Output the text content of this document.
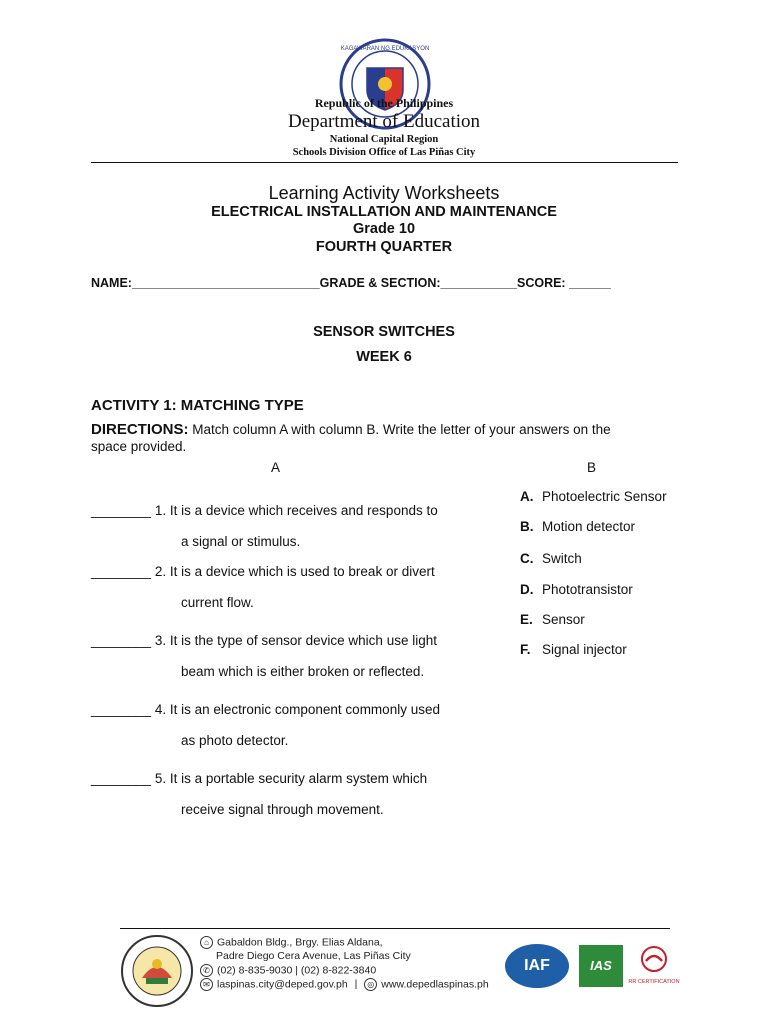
KAGAWARAN NG EDUKASYON
Republic of the Philippines
Department of Education
National Capital Region
Schools Division Office of Las Piñas City
Learning Activity Worksheets
ELECTRICAL INSTALLATION AND MAINTENANCE
Grade 10
FOURTH QUARTER
NAME:___________________________GRADE & SECTION:___________SCORE: ______
SENSOR SWITCHES
WEEK 6
ACTIVITY 1: MATCHING TYPE
DIRECTIONS: Match column A with column B. Write the letter of your answers on the
space provided.
A	B
________ 1. It is a device which receives and responds to
a signal or stimulus.
________ 2. It is a device which is used to break or divert
current flow.
________ 3. It is the type of sensor device which use light
beam which is either broken or reflected.
________ 4. It is an electronic component commonly used
as photo detector.
________ 5. It is a portable security alarm system which
receive signal through movement.
A. Photoelectric Sensor
B. Motion detector
C. Switch
D. Phototransistor
E. Sensor
F. Signal injector
⌂ Gabaldon Bldg., Brgy. Elias Aldana,
Padre Diego Cera Avenue, Las Piñas City
✆ (02) 8-835-9030 | (02) 8-822-3840
✉ laspinas.city@deped.gov.ph | ◎ www.depedlaspinas.ph
IAF	IAS
RR CERTIFICATION
